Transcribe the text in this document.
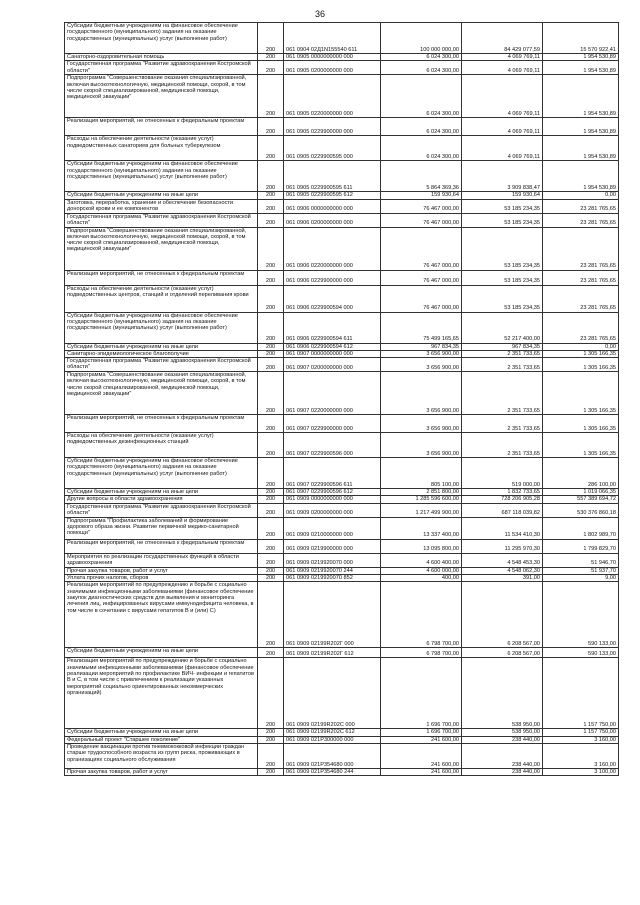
36
Субсидии бюджетным учреждениям на финансовое обеспечение государственного (муниципального) задания на оказание государственных (муниципальных) услуг (выполнение работ)	200	061 0904 02Д1N155540 611	100 000 000,00	84 429 077,59	15 570 922,41
Санаторно-оздоровительная помощь	200	061 0905 0000000000 000	6 024 300,00	4 069 769,11	1 954 530,89
Государственная программа "Развитие здравоохранения Костромской области"	200	061 0905 0200000000 000	6 024 300,00	4 069 769,11	1 954 530,89
Подпрограмма "Совершенствование оказания специализированной, включая высокотехнологичную, медицинской помощи, скорой, в том числе скорой специализированной, медицинской помощи, медицинской эвакуации"	200	061 0905 0220000000 000	6 024 300,00	4 069 769,11	1 954 530,89
Реализация мероприятий, не отнесенных к федеральным проектам	200	061 0905 0229900000 000	6 024 300,00	4 069 769,11	1 954 530,89
Расходы на обеспечение деятельности (оказание услуг) подведомственных санаториев для больных туберкулезом	200	061 0905 0229900595 000	6 024 300,00	4 069 769,11	1 954 530,89
Субсидии бюджетным учреждениям на финансовое обеспечение государственного (муниципального) задания на оказание государственных (муниципальных) услуг (выполнение работ)	200	061 0905 0229900595 611	5 864 369,36	3 909 838,47	1 954 530,89
Субсидии бюджетным учреждениям на иные цели	200	061 0905 0229900595 612	159 930,64	159 930,64	0,00
Заготовка, переработка, хранение и обеспечение безопасности донорской крови и ее компонентов	200	061 0906 0000000000 000	76 467 000,00	53 185 234,35	23 281 765,65
Государственная программа "Развитие здравоохранения Костромской области"	200	061 0906 0200000000 000	76 467 000,00	53 185 234,35	23 281 765,65
Подпрограмма "Совершенствование оказания специализированной, включая высокотехнологичную, медицинской помощи, скорой, в том числе скорой специализированной, медицинской помощи, медицинской эвакуации"	200	061 0906 0220000000 000	76 467 000,00	53 185 234,35	23 281 765,65
Реализация мероприятий, не отнесенных к федеральным проектам	200	061 0906 0229900000 000	76 467 000,00	53 185 234,35	23 281 765,65
Расходы на обеспечение деятельности (оказание услуг) подведомственных центров, станций и отделений переливания крови	200	061 0906 0229900594 000	76 467 000,00	53 185 234,35	23 281 765,65
Субсидии бюджетным учреждениям на финансовое обеспечение государственного (муниципального) задания на оказание государственных (муниципальных) услуг (выполнение работ)	200	061 0906 0229900594 611	75 499 165,65	52 217 400,00	23 281 765,65
Субсидии бюджетным учреждениям на иные цели	200	061 0906 0229900594 612	967 834,35	967 834,35	0,00
Санитарно-эпидемиологическое благополучие	200	061 0907 0000000000 000	3 656 900,00	2 351 733,65	1 305 166,35
Государственная программа "Развитие здравоохранения Костромской области"	200	061 0907 0200000000 000	3 656 900,00	2 351 733,65	1 305 166,35
Подпрограмма "Совершенствование оказания специализированной, включая высокотехнологичную, медицинской помощи, скорой, в том числе скорой специализированной, медицинской помощи, медицинской эвакуации"	200	061 0907 0220000000 000	3 656 900,00	2 351 733,65	1 305 166,35
Реализация мероприятий, не отнесенных к федеральным проектам	200	061 0907 0229900000 000	3 656 900,00	2 351 733,65	1 305 166,35
Расходы на обеспечение деятельности (оказание услуг) подведомственных дезинфекционных станций	200	061 0907 0229900596 000	3 656 900,00	2 351 733,65	1 305 166,35
Субсидии бюджетным учреждениям на финансовое обеспечение государственного (муниципального) задания на оказание государственных (муниципальных) услуг (выполнение работ)	200	061 0907 0229900596 611	805 100,00	519 000,00	286 100,00
Субсидии бюджетным учреждениям на иные цели	200	061 0907 0229900596 612	2 851 800,00	1 832 733,65	1 019 066,35
Другие вопросы в области здравоохранения	200	061 0909 0000000000 000	1 285 596 600,00	728 206 905,28	557 389 694,72
Государственная программа "Развитие здравоохранения Костромской области"	200	061 0909 0200000000 000	1 217 499 900,00	687 118 039,82	530 376 860,18
Подпрограмма "Профилактика заболеваний и формирование здорового образа жизни. Развитие первичной медико-санитарной помощи"	200	061 0909 0210000000 000	13 337 400,00	11 534 410,30	1 802 989,70
Реализация мероприятий, не отнесенных к федеральным проектам	200	061 0909 0219900000 000	13 095 800,00	11 295 970,30	1 799 829,70
Мероприятия по реализации государственных функций в области здравоохранения	200	061 0909 0219920070 000	4 600 400,00	4 548 453,30	51 946,70
Прочая закупка товаров, работ и услуг	200	061 0909 0219920070 244	4 600 000,00	4 548 062,30	51 937,70
Уплата прочих налогов, сборов	200	061 0909 0219920070 852	400,00	391,00	9,00
Реализация мероприятий по предупреждению и борьбе с социально значимыми инфекционными заболеваниями (финансовое обеспечение закупок диагностических средств для выявления и мониторинга лечения лиц, инфицированных вирусами иммунодефицита человека, в том числе в сочетании с вирусами гепатитов В и (или) С)	200	061 0909 02199R202Г 000	6 798 700,00	6 208 567,00	590 133,00
Субсидии бюджетным учреждениям на иные цели	200	061 0909 02199R202Г 612	6 798 700,00	6 208 567,00	590 133,00
Реализация мероприятий по предупреждению и борьбе с социально значимыми инфекционными заболеваниями (финансовое обеспечение реализации мероприятий по профилактике ВИЧ- инфекции и гепатитов В и С, в том числе с привлечением к реализации указанных мероприятий социально ориентированных некоммерческих организаций)	200	061 0909 02199R202С 000	1 696 700,00	538 950,00	1 157 750,00
Субсидии бюджетным учреждениям на иные цели	200	061 0909 02199R202С 612	1 696 700,00	538 950,00	1 157 750,00
Федеральный проект "Старшее поколение"	200	061 0909 021P300000 000	241 600,00	238 440,00	3 160,00
Проведение вакцинации против пневмококковой инфекции граждан старше трудоспособного возраста из групп риска, проживающих в организациях социального обслуживания	200	061 0909 021P354680 000	241 600,00	238 440,00	3 160,00
Прочая закупка товаров, работ и услуг	200	061 0909 021P354680 244	241 600,00	238 440,00	3 100,00
